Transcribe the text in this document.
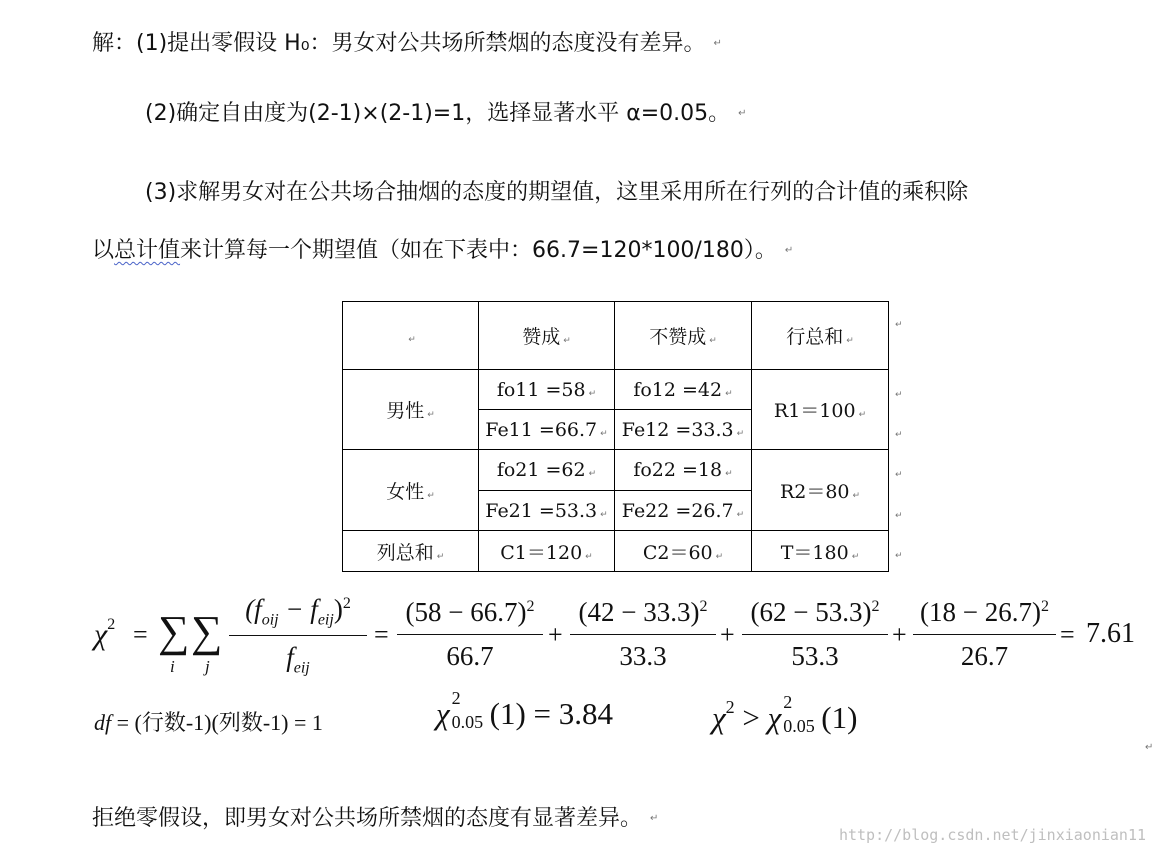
解：(1)提出零假设 H₀：男女对公共场所禁烟的态度没有差异。 ↵
(2)确定自由度为(2-1)×(2-1)=1，选择显著水平 α=0.05。 ↵
(3)求解男女对在公共场合抽烟的态度的期望值，这里采用所在行列的合计值的乘积除
以总计值来计算每一个期望值（如在下表中：66.7=120*100/180）。 ↵
↵	赞成 ↵	不赞成 ↵	行总和 ↵
男性 ↵	fo11 =58 ↵	fo12 =42 ↵	R1＝100 ↵
	Fe11 =66.7 ↵	Fe12 =33.3 ↵	
女性 ↵	fo21 =62 ↵	fo22 =18 ↵	R2＝80 ↵
	Fe21 =53.3 ↵	Fe22 =26.7 ↵	
列总和 ↵	C1＝120 ↵	C2＝60 ↵	T＝180 ↵
↵
↵
↵
↵
↵
↵
$\chi^2$ = ∑
i
∑
j
$(f_{oij} - f_{eij})^2$
$f_{eij}$
= $\frac{(58 - 66.7)^2}{66.7} + \frac{(42 - 33.3)^2}{33.3} + \frac{(62 - 53.3)^2}{53.3} + \frac{(18 - 26.7)^2}{26.7} = 7.61$
df = (行数-1)(列数-1) = 1	χ 2
0.05 (1) = 3.84	$\chi^2 > \chi$ 2
0.05 (1)
↵
拒绝零假设，即男女对公共场所禁烟的态度有显著差异。 ↵
http://blog.csdn.net/jinxiaonian11
